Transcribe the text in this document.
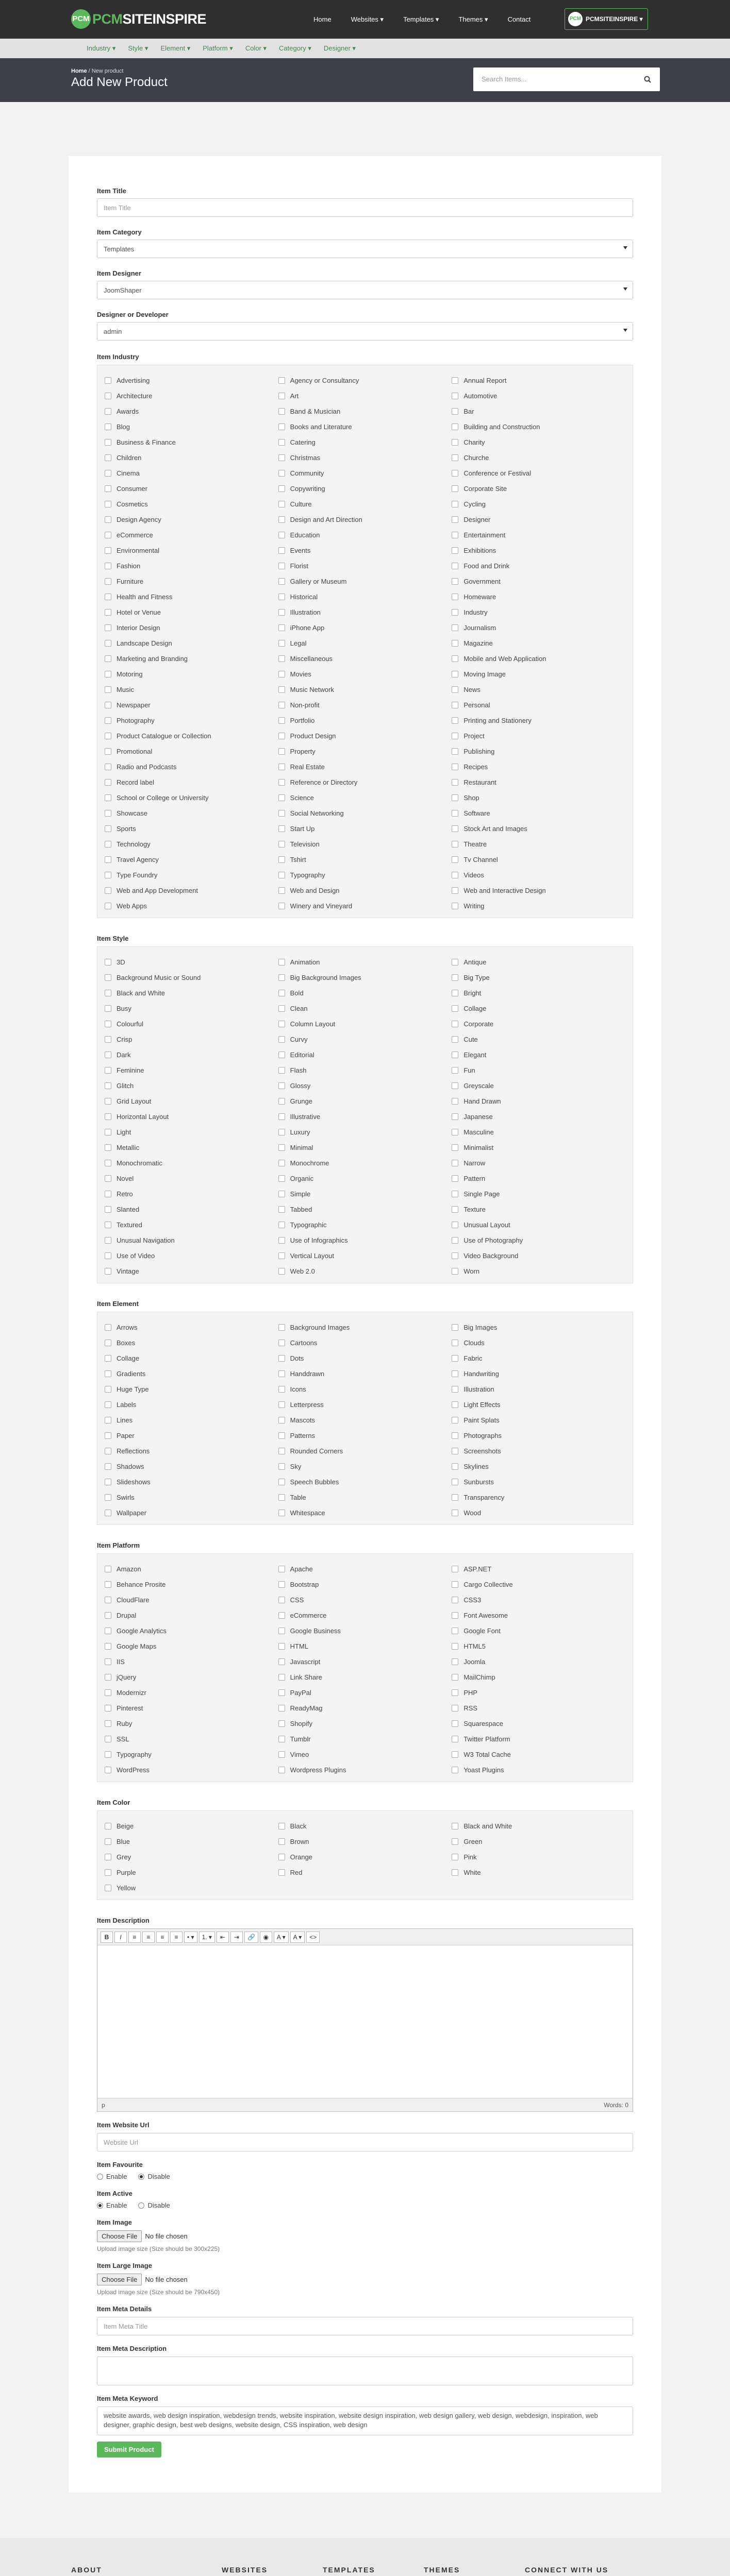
PCM PCMSITEINSPIRE	Home	Websites ▾	Templates ▾	Themes ▾	Contact	PCM PCMSITEINSPIRE ▾
Industry ▾ Style ▾ Element ▾ Platform ▾ Color ▾ Category ▾ Designer ▾
Home / New product
Add New Product	Search Items...
Item Title
Item Title
Item Category
Templates
Item Designer
JoomShaper
Designer or Developer
admin
Item Industry
Advertising	Agency or Consultancy	Annual Report
Architecture	Art	Automotive
Awards	Band & Musician	Bar
Blog	Books and Literature	Building and Construction
Business & Finance	Catering	Charity
Children	Christmas	Churche
Cinema	Community	Conference or Festival
Consumer	Copywriting	Corporate Site
Cosmetics	Culture	Cycling
Design Agency	Design and Art Direction	Designer
eCommerce	Education	Entertainment
Environmental	Events	Exhibitions
Fashion	Florist	Food and Drink
Furniture	Gallery or Museum	Government
Health and Fitness	Historical	Homeware
Hotel or Venue	Illustration	Industry
Interior Design	iPhone App	Journalism
Landscape Design	Legal	Magazine
Marketing and Branding	Miscellaneous	Mobile and Web Application
Motoring	Movies	Moving Image
Music	Music Network	News
Newspaper	Non-profit	Personal
Photography	Portfolio	Printing and Stationery
Product Catalogue or Collection	Product Design	Project
Promotional	Property	Publishing
Radio and Podcasts	Real Estate	Recipes
Record label	Reference or Directory	Restaurant
School or College or University	Science	Shop
Showcase	Social Networking	Software
Sports	Start Up	Stock Art and Images
Technology	Television	Theatre
Travel Agency	Tshirt	Tv Channel
Type Foundry	Typography	Videos
Web and App Development	Web and Design	Web and Interactive Design
Web Apps	Winery and Vineyard	Writing
Item Style
3D	Animation	Antique
Background Music or Sound	Big Background Images	Big Type
Black and White	Bold	Bright
Busy	Clean	Collage
Colourful	Column Layout	Corporate
Crisp	Curvy	Cute
Dark	Editorial	Elegant
Feminine	Flash	Fun
Glitch	Glossy	Greyscale
Grid Layout	Grunge	Hand Drawn
Horizontal Layout	Illustrative	Japanese
Light	Luxury	Masculine
Metallic	Minimal	Minimalist
Monochromatic	Monochrome	Narrow
Novel	Organic	Pattern
Retro	Simple	Single Page
Slanted	Tabbed	Texture
Textured	Typographic	Unusual Layout
Unusual Navigation	Use of Infographics	Use of Photography
Use of Video	Vertical Layout	Video Background
Vintage	Web 2.0	Worn
Item Element
Arrows	Background Images	Big Images
Boxes	Cartoons	Clouds
Collage	Dots	Fabric
Gradients	Handdrawn	Handwriting
Huge Type	Icons	Illustration
Labels	Letterpress	Light Effects
Lines	Mascots	Paint Splats
Paper	Patterns	Photographs
Reflections	Rounded Corners	Screenshots
Shadows	Sky	Skylines
Slideshows	Speech Bubbles	Sunbursts
Swirls	Table	Transparency
Wallpaper	Whitespace	Wood
Item Platform
Amazon	Apache	ASP.NET
Behance Prosite	Bootstrap	Cargo Collective
CloudFlare	CSS	CSS3
Drupal	eCommerce	Font Awesome
Google Analytics	Google Business	Google Font
Google Maps	HTML	HTML5
IIS	Javascript	Joomla
jQuery	Link Share	MailChimp
Modernizr	PayPal	PHP
Pinterest	ReadyMag	RSS
Ruby	Shopify	Squarespace
SSL	Tumblr	Twitter Platform
Typography	Vimeo	W3 Total Cache
WordPress	Wordpress Plugins	Yoast Plugins
Item Color
Beige	Black	Black and White
Blue	Brown	Green
Grey	Orange	Pink
Purple	Red	White
Yellow
Item Description
B I	≡	≡	≡	≡	• ▾	1. ▾	⇤	⇥	🔗	◉	A ▾	A ▾	<>
p	Words: 0
Item Website Url
Website Url
Item Favourite
Enable	Disable
Item Active
Enable	Disable
Item Image
Choose File	No file chosen
Upload image size (Size should be 300x225)
Item Large Image
Choose File	No file chosen
Upload image size (Size should be 790x450)
Item Meta Details
Item Meta Title
Item Meta Description
Item Meta Keyword
website awards, web design inspiration, webdesign trends, website inspiration, website design inspiration, web design gallery, web design, webdesign, inspiration, web designer, graphic design, best web designs, website design, CSS inspiration, web design
Submit Product
ABOUT	WEBSITES	TEMPLATES	THEMES	CONNECT WITH US
